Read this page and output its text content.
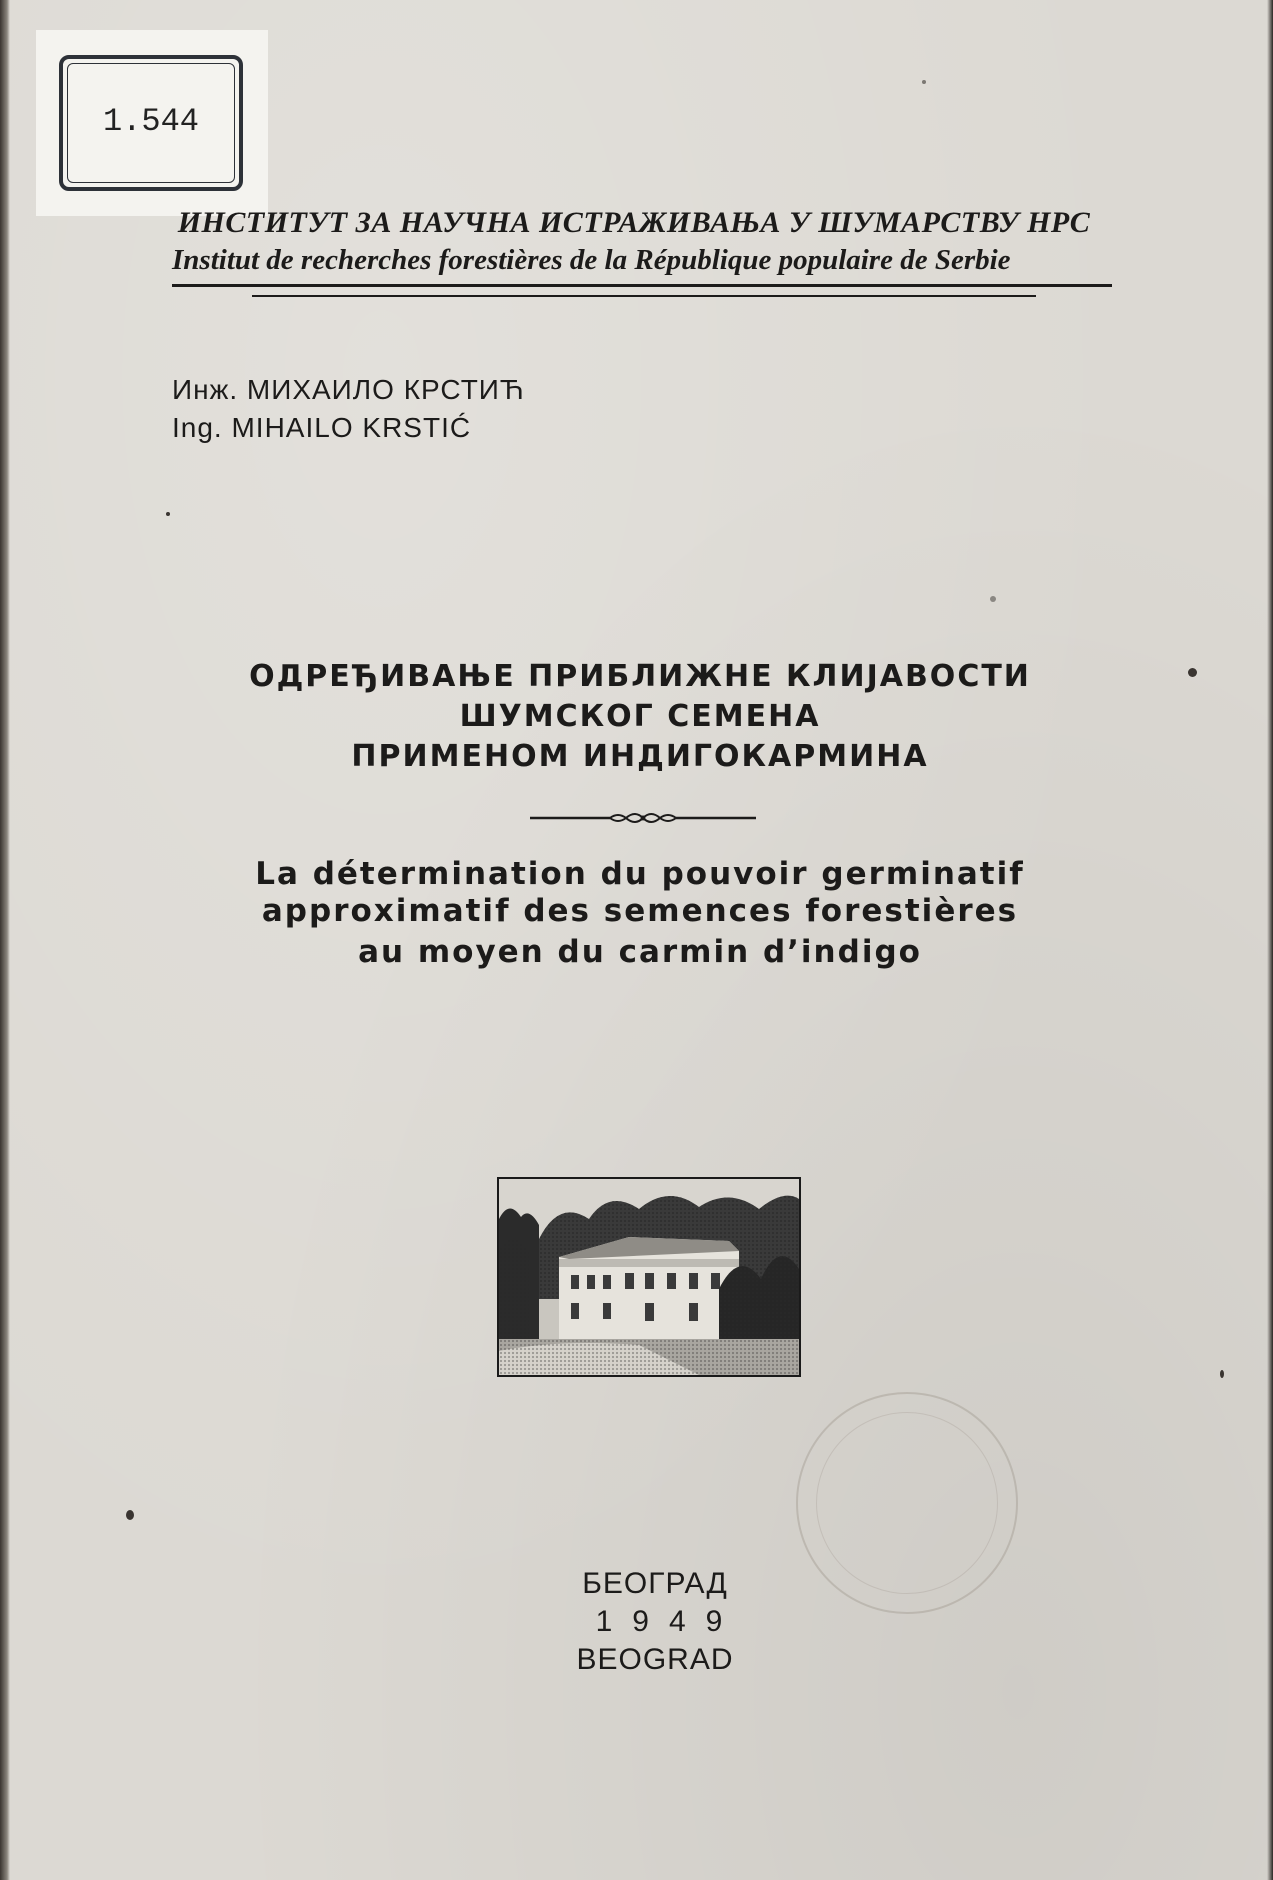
1.544
ИНСТИТУТ ЗА НАУЧНА ИСТРАЖИВАЊА У ШУМАРСТВУ НРС
Institut de recherches forestières de la République populaire de Serbie
Инж. МИХАИЛО КРСТИЋ
Ing. MIHAILO KRSTIĆ
ОДРЕЂИВАЊЕ ПРИБЛИЖНЕ КЛИЈАВОСТИ
ШУМСКОГ СЕМЕНА
ПРИМЕНОМ ИНДИГОКАРМИНА
La détermination du pouvoir germinatif
approximatif des semences forestières
au moyen du carmin d’indigo
БЕОГРАД
1949
BEOGRAD
